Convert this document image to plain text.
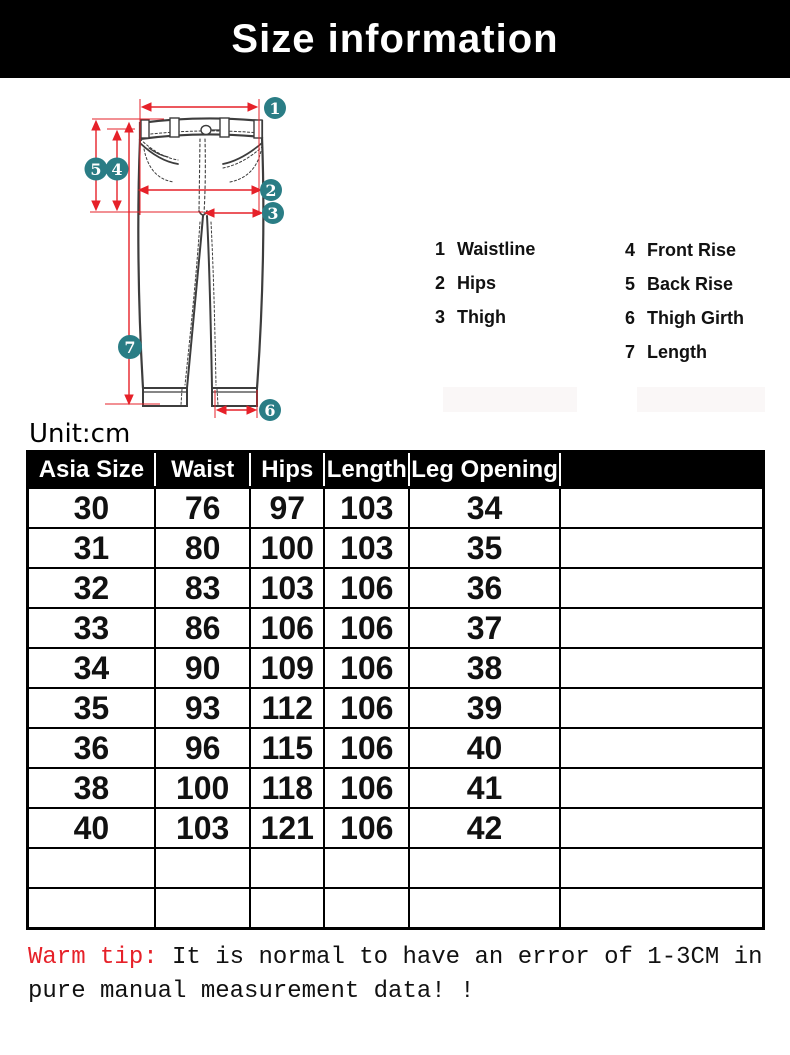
Size information
1
2
3
4
5
6
7
1 Waistline
2 Hips
3 Thigh
4 Front Rise
5 Back Rise
6 Thigh Girth
7 Length
Unit:cm
Asia Size	Waist	Hips	Length	Leg Opening	
30	76	97	103	34	
31	80	100	103	35	
32	83	103	106	36	
33	86	106	106	37	
34	90	109	106	38	
35	93	112	106	39	
36	96	115	106	40	
38	100	118	106	41	
40	103	121	106	42	

Warm tip: It is normal to have an error of 1-3CM in
pure manual measurement data! !
